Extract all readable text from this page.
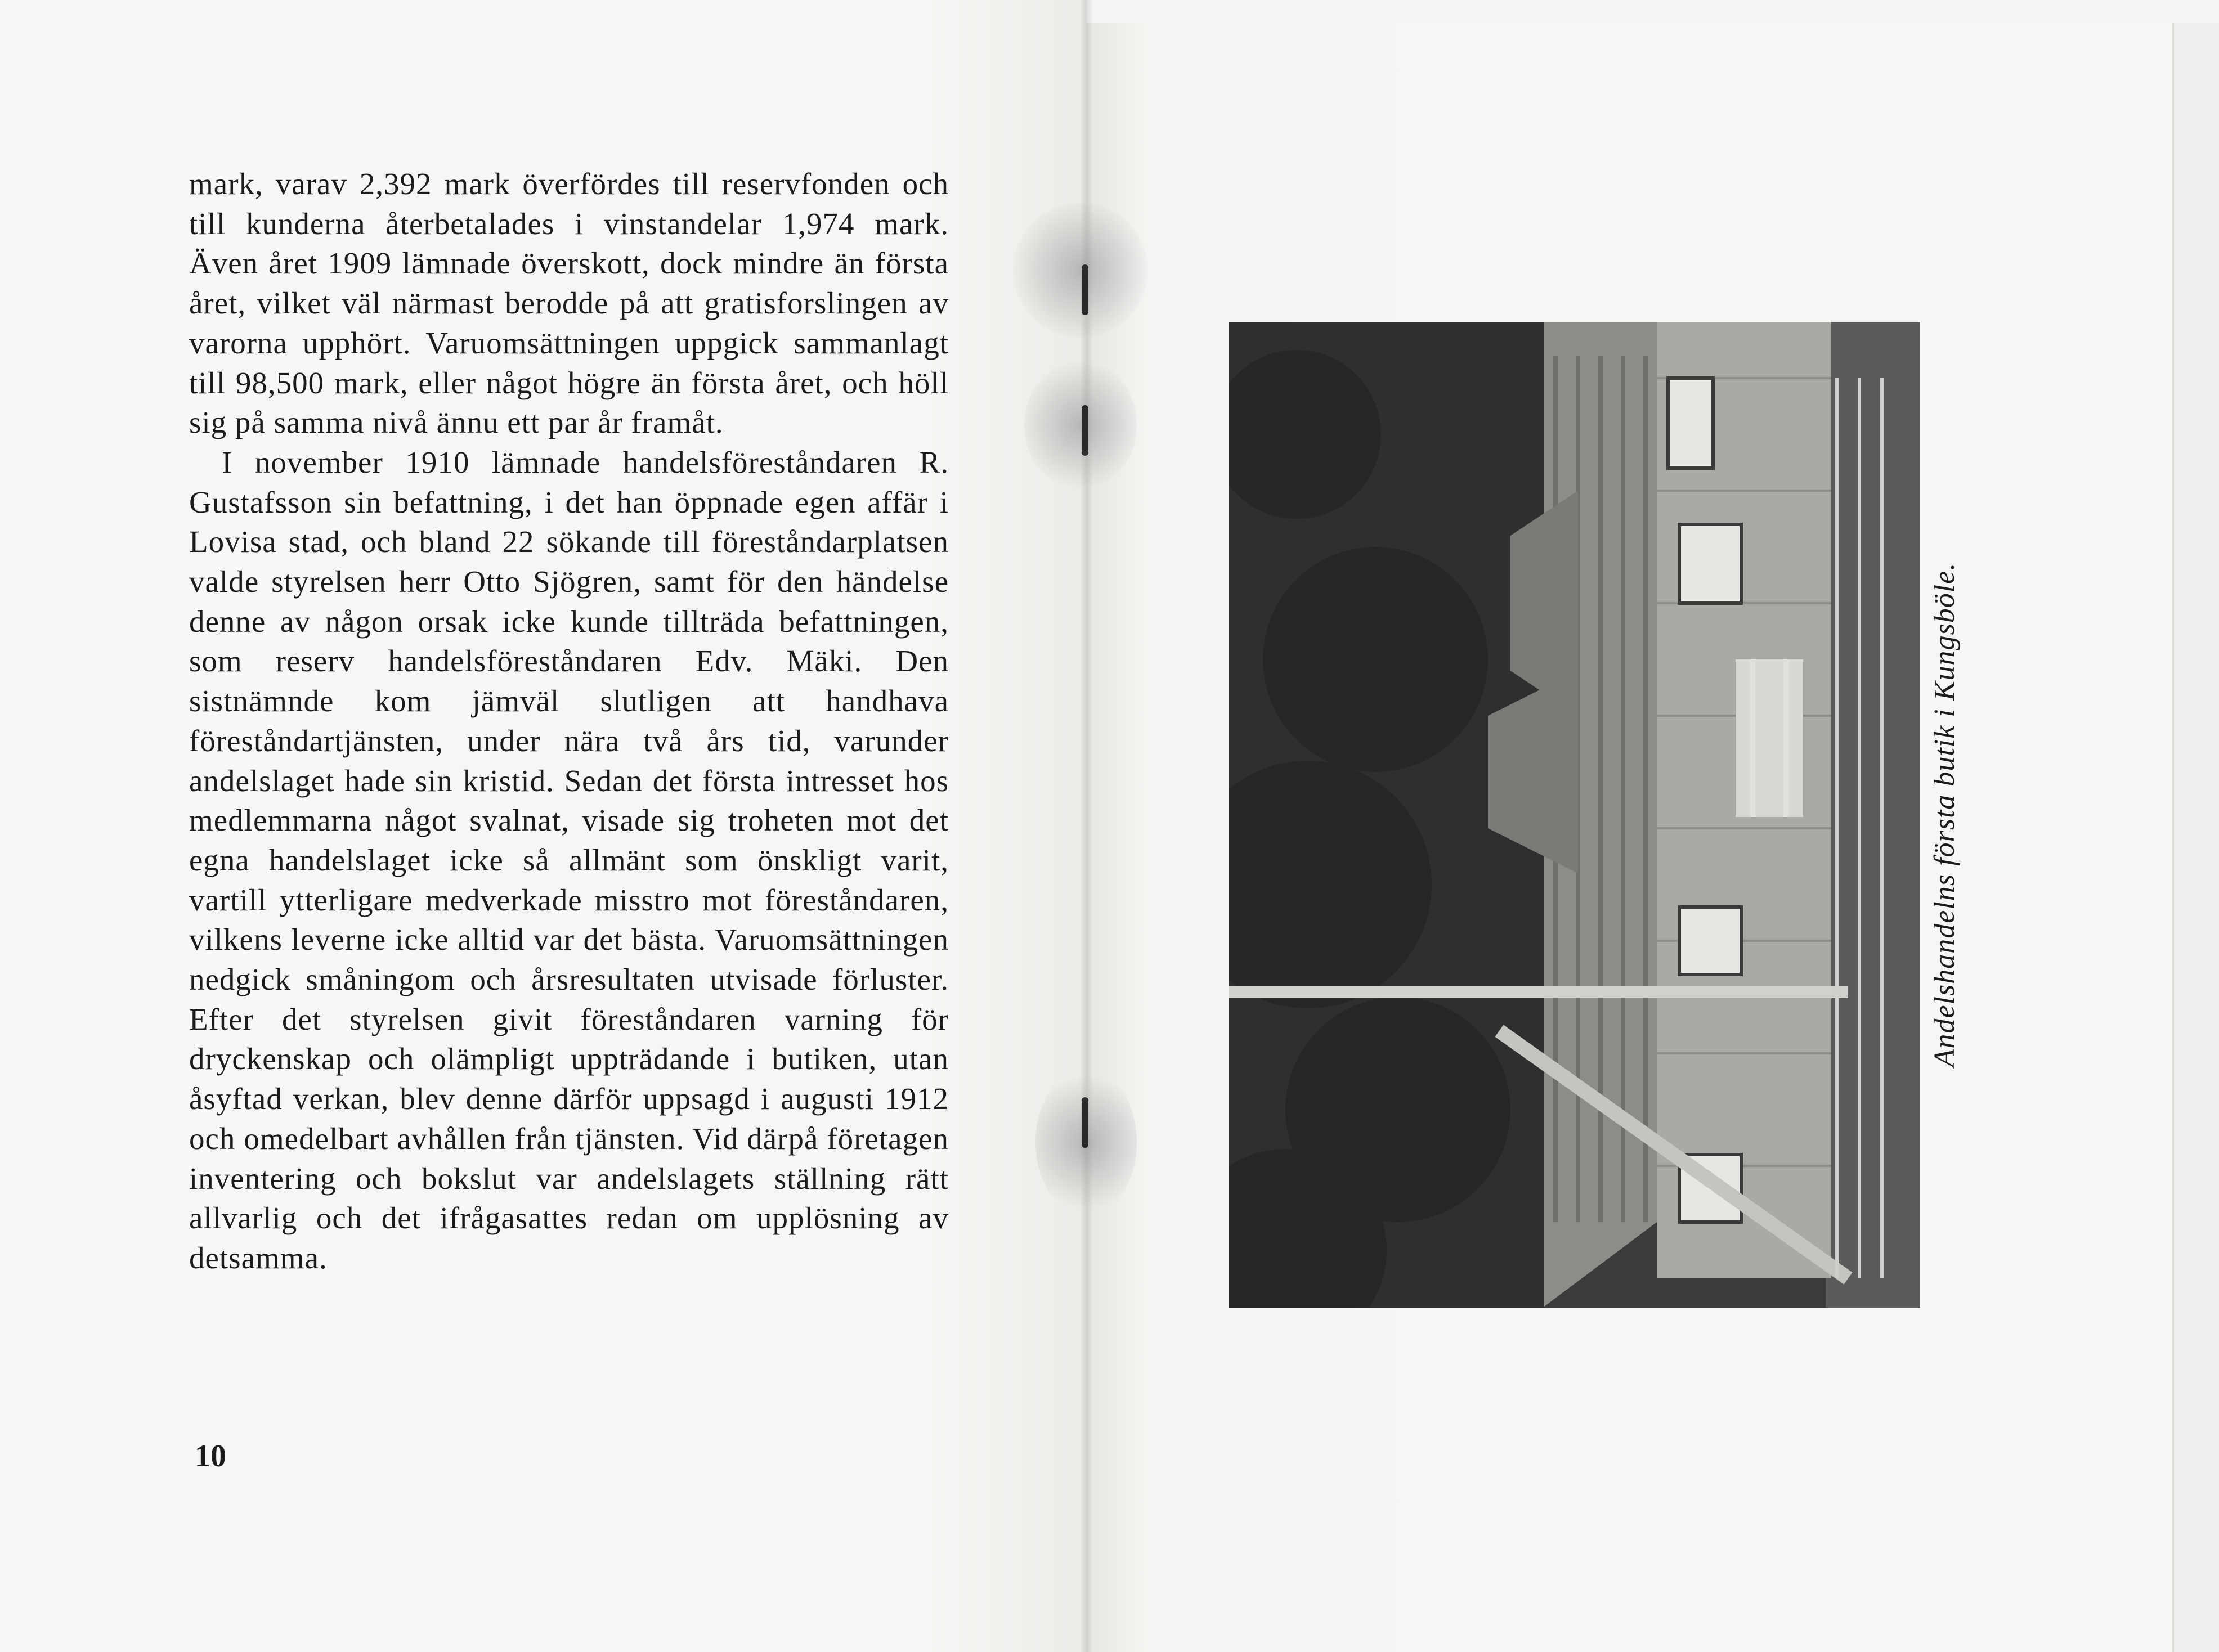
mark, varav 2,392 mark överfördes till reservfonden och till kunderna återbetalades i vinstandelar 1,974 mark. Även året 1909 lämnade överskott, dock mindre än första året, vilket väl närmast berodde på att gratisforslingen av varorna upphört. Varuomsättningen uppgick sammanlagt till 98,500 mark, eller något högre än första året, och höll sig på samma nivå ännu ett par år framåt.

I november 1910 lämnade handelsföreståndaren R. Gustafsson sin befattning, i det han öppnade egen affär i Lovisa stad, och bland 22 sökande till föreståndarplatsen valde styrelsen herr Otto Sjögren, samt för den händelse denne av någon orsak icke kunde tillträda befattningen, som reserv handelsföreståndaren Edv. Mäki. Den sistnämnde kom jämväl slutligen att handhava föreståndartjänsten, under nära två års tid, varunder andelslaget hade sin kristid. Sedan det första intresset hos medlemmarna något svalnat, visade sig troheten mot det egna handelslaget icke så allmänt som önskligt varit, vartill ytterligare medverkade misstro mot föreståndaren, vilkens leverne icke alltid var det bästa. Varuomsättningen nedgick småningom och årsresultaten utvisade förluster. Efter det styrelsen givit föreståndaren varning för dryckenskap och olämpligt uppträdande i butiken, utan åsyftad verkan, blev denne därför uppsagd i augusti 1912 och omedelbart avhållen från tjänsten. Vid därpå företagen inventering och bokslut var andelslagets ställning rätt allvarlig och det ifrågasattes redan om upplösning av detsamma.

10
Andelshandelns första butik i Kungsböle.
